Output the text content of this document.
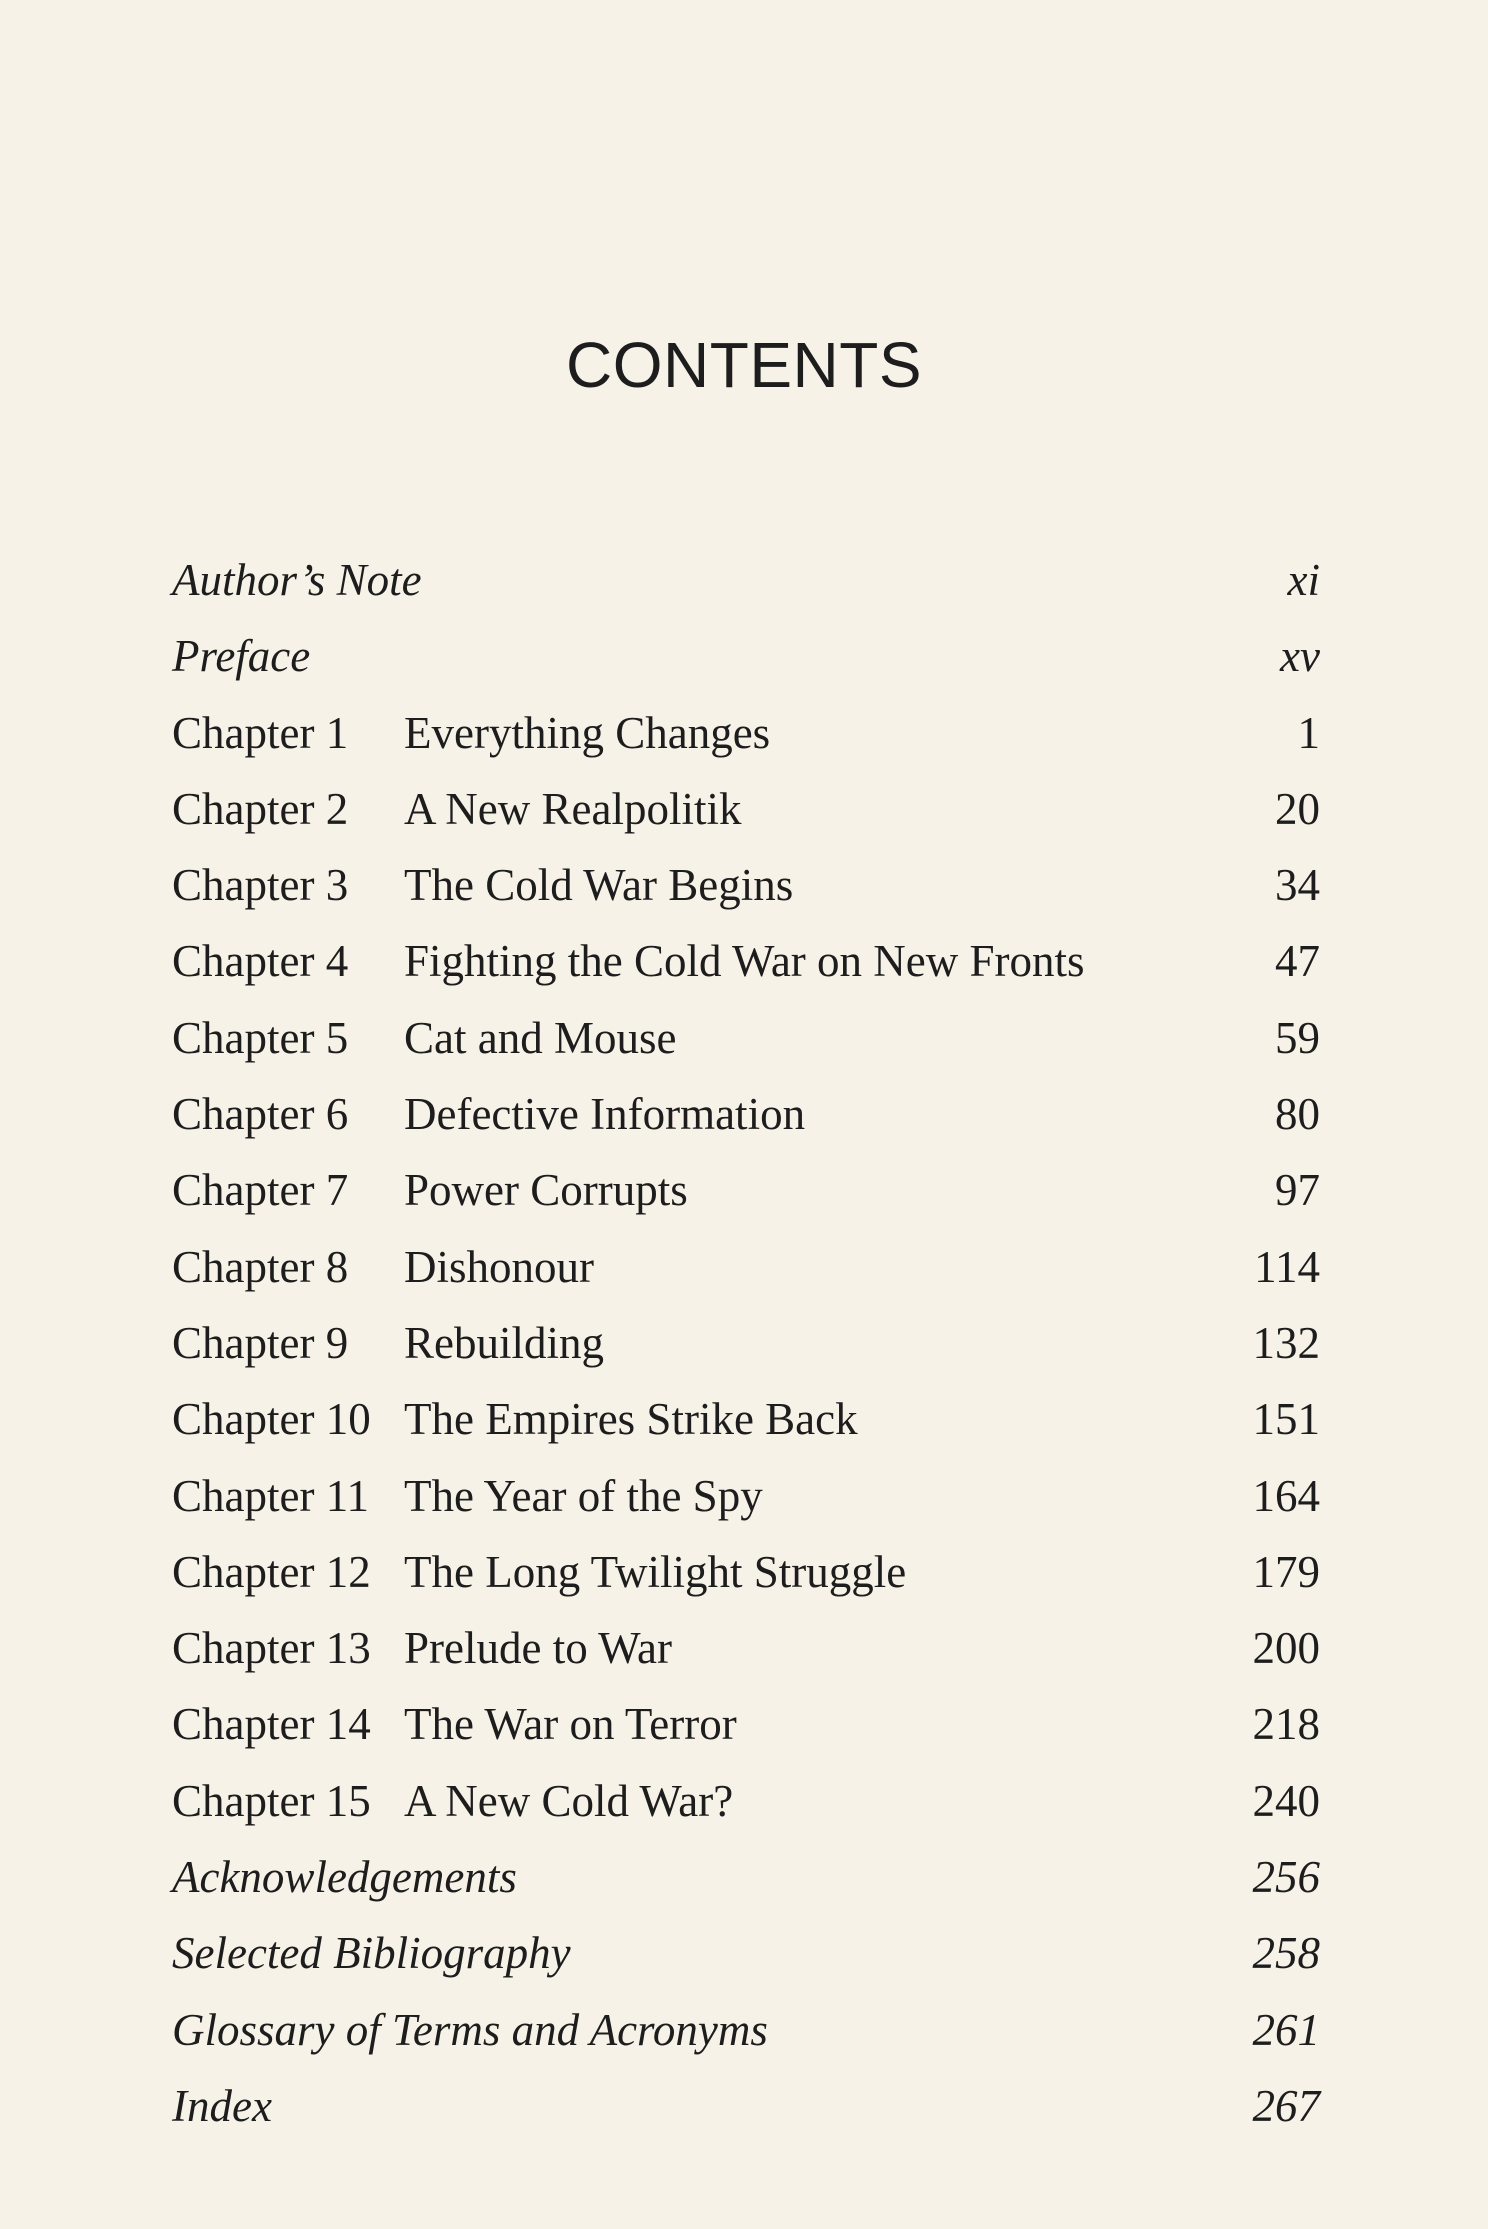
CONTENTS
Author’s Note	xi
Preface	xv
Chapter 1 Everything Changes	1
Chapter 2 A New Realpolitik	20
Chapter 3 The Cold War Begins	34
Chapter 4 Fighting the Cold War on New Fronts	47
Chapter 5 Cat and Mouse	59
Chapter 6 Defective Information	80
Chapter 7 Power Corrupts	97
Chapter 8 Dishonour	114
Chapter 9 Rebuilding	132
Chapter 10 The Empires Strike Back	151
Chapter 11 The Year of the Spy	164
Chapter 12 The Long Twilight Struggle	179
Chapter 13 Prelude to War	200
Chapter 14 The War on Terror	218
Chapter 15 A New Cold War?	240
Acknowledgements	256
Selected Bibliography	258
Glossary of Terms and Acronyms	261
Index	267
